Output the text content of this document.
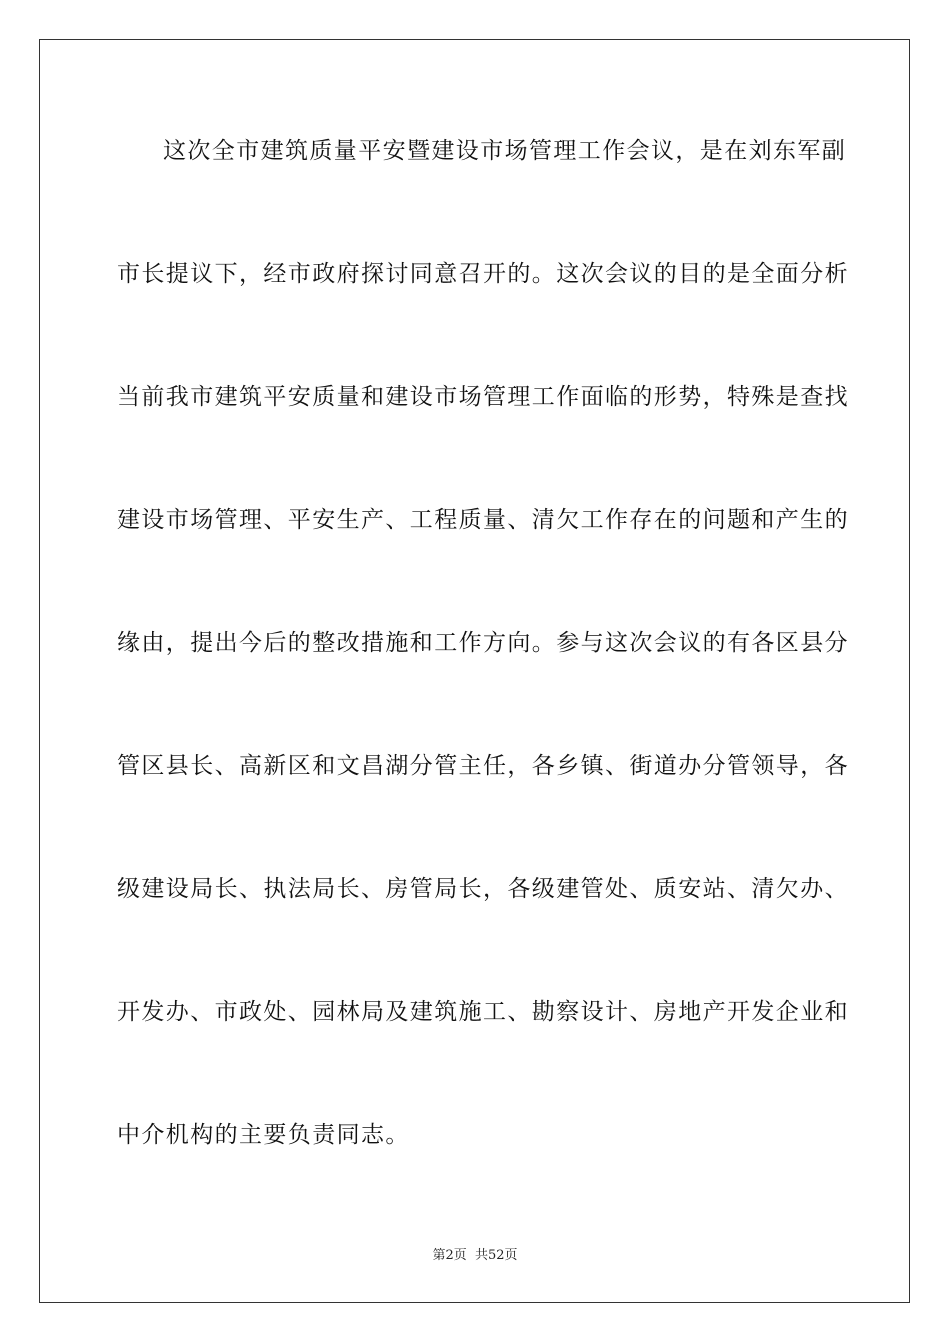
这次全市建筑质量平安暨建设市场管理工作会议，是在刘东军副
市长提议下，经市政府探讨同意召开的。这次会议的目的是全面分析
当前我市建筑平安质量和建设市场管理工作面临的形势，特殊是查找
建设市场管理、平安生产、工程质量、清欠工作存在的问题和产生的
缘由，提出今后的整改措施和工作方向。参与这次会议的有各区县分
管区县长、高新区和文昌湖分管主任，各乡镇、街道办分管领导，各
级建设局长、执法局长、房管局长，各级建管处、质安站、清欠办、
开发办、市政处、园林局及建筑施工、勘察设计、房地产开发企业和
中介机构的主要负责同志。
第2页 共52页
